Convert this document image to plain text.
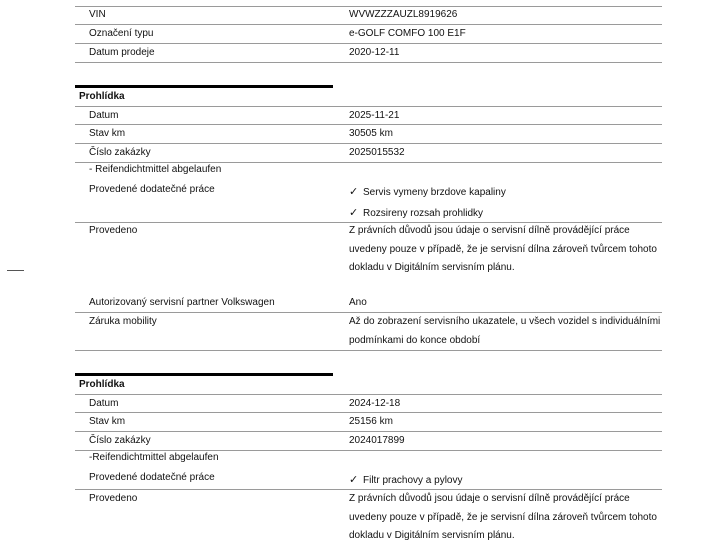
VIN	WVWZZZAUZL8919626
Označení typu	e-GOLF COMFO 100 E1F
Datum prodeje	2020-12-11
Prohlídka
Datum	2025-11-21
Stav km	30505 km
Číslo zakázky	2025015532
- Reifendichtmittel abgelaufen
Provedené dodatečné práce	✓ Servis vymeny brzdove kapaliny
✓ Rozsireny rozsah prohlidky
Provedeno	Z právních důvodů jsou údaje o servisní dílně provádějící práce uvedeny pouze v případě, že je servisní dílna zároveň tvůrcem tohoto dokladu v Digitálním servisním plánu.
Autorizovaný servisní partner Volkswagen	Ano
Záruka mobility	Až do zobrazení servisního ukazatele, u všech vozidel s individuálními podmínkami do konce období
Prohlídka
Datum	2024-12-18
Stav km	25156 km
Číslo zakázky	2024017899
-Reifendichtmittel abgelaufen
Provedené dodatečné práce	✓ Filtr prachovy a pylovy
Provedeno	Z právních důvodů jsou údaje o servisní dílně provádějící práce uvedeny pouze v případě, že je servisní dílna zároveň tvůrcem tohoto dokladu v Digitálním servisním plánu.
